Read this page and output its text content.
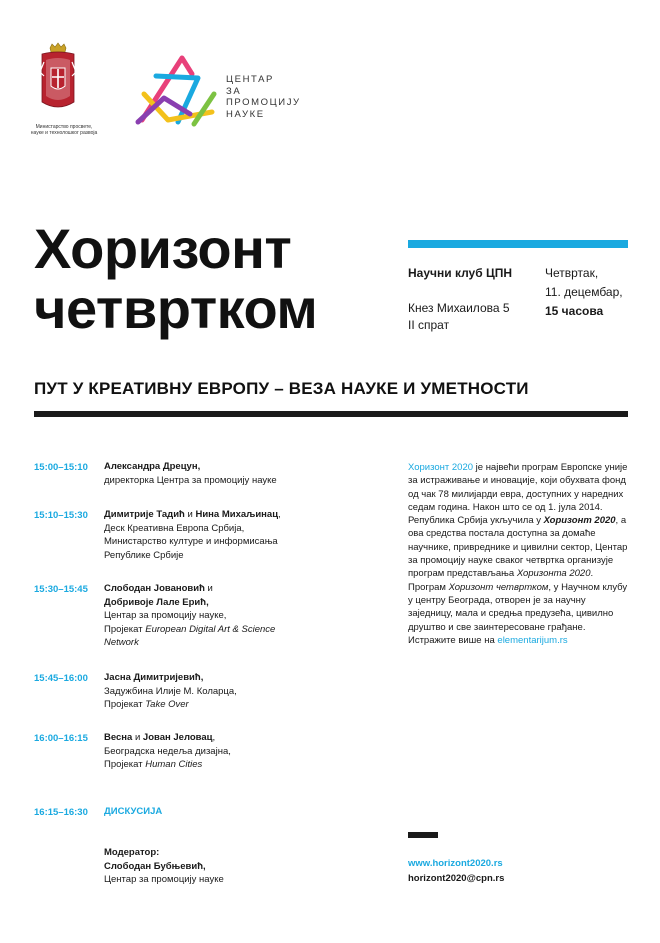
Министарство просвете, науке и технолошког развоја
ЦЕНТАР
ЗА
ПРОМОЦИЈУ
НАУКЕ
Хоризонт
четвртком
Научни клуб ЦПН
Кнез Михаилова 5
II спрат
Четвртак,
11. децембар,
15 часова
ПУТ У КРЕАТИВНУ ЕВРОПУ – ВЕЗА НАУКЕ И УМЕТНОСТИ
15:00–15:10 Александра Дрецун,
директорка Центра за промоцију науке
15:10–15:30 Димитрије Тадић и Нина Михаљинац,
Деск Креативна Европа Србија,
Министарство културе и информисања
Републике Србије
15:30–15:45 Слободан Јовановић и
Добривоје Лале Ерић,
Центар за промоцију науке,
Пројекат European Digital Art & Science Network
15:45–16:00 Јасна Димитријевић,
Задужбина Илије М. Коларца,
Пројекат Take Over
16:00–16:15 Весна и Јован Јеловац,
Београдска недеља дизајна,
Пројекат Human Cities
16:15–16:30 ДИСКУСИЈА
Модератор:
Слободан Бубњевић,
Центар за промоцију науке
Хоризонт 2020 је највећи програм Европске уније за истраживање и иновације, који обухвата фонд од чак 78 милијарди евра, доступних у наредних седам година. Након што се од 1. јула 2014. Република Србија укључила у Хоризонт 2020, а ова средства постала доступна за домаће научнике, привреднике и цивилни сектор, Центар за промоцију науке сваког четвртка организује програм представљања Хоризонта 2020. Програм Хоризонт четвртком, у Научном клубу у центру Београда, отворен је за научну заједницу, мала и средња предузећа, цивилно друштво и све заинтересоване грађане. Истражите више на elementarijum.rs
www.horizont2020.rs
horizont2020@cpn.rs
